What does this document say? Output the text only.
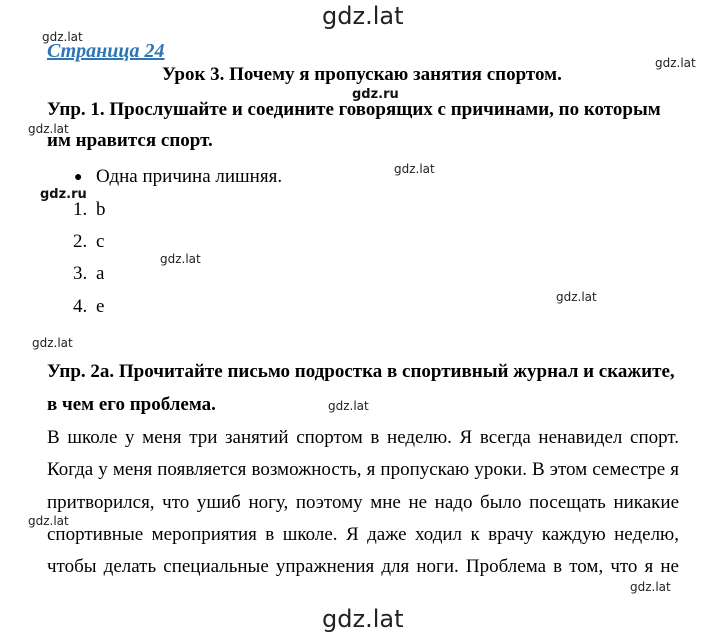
gdz.lat
gdz.lat
gdz.lat
gdz.ru
gdz.lat
gdz.lat
gdz.ru
gdz.lat
gdz.lat
gdz.lat
gdz.lat
gdz.lat
gdz.lat
gdz.lat
Страница 24
Урок 3. Почему я пропускаю занятия спортом.
Упр. 1. Прослушайте и соедините говорящих с причинами, по которым
им нравится спорт.
● Одна причина лишняя.
1. b
2. c
3. a
4. e
Упр. 2а. Прочитайте письмо подростка в спортивный журнал и скажите,
в чем его проблема.
В школе у меня три занятий спортом в неделю. Я всегда ненавидел спорт.
Когда у меня появляется возможность, я пропускаю уроки. В этом семестре я
притворился, что ушиб ногу, поэтому мне не надо было посещать никакие
спортивные мероприятия в школе. Я даже ходил к врачу каждую неделю,
чтобы делать специальные упражнения для ноги. Проблема в том, что я не
